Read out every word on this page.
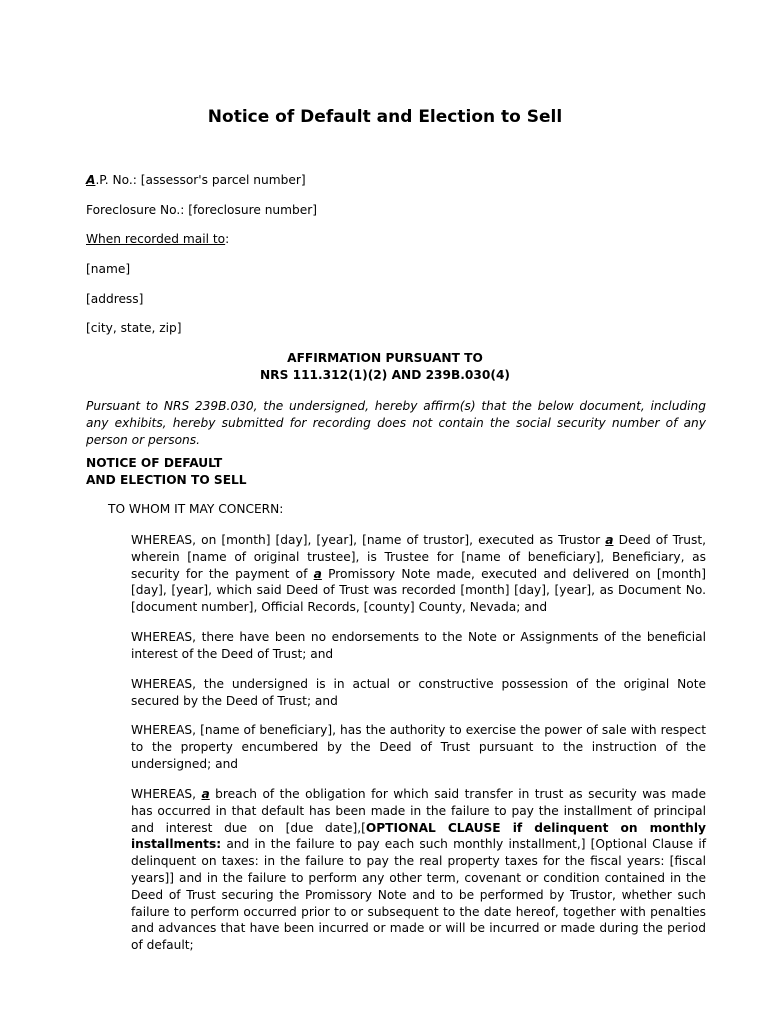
Notice of Default and Election to Sell
A.P. No.: [assessor's parcel number]
Foreclosure No.: [foreclosure number]
When recorded mail to:
[name]
[address]
[city, state, zip]
AFFIRMATION PURSUANT TO
NRS 111.312(1)(2) AND 239B.030(4)
Pursuant to NRS 239B.030, the undersigned, hereby affirm(s) that the below document, including any exhibits, hereby submitted for recording does not contain the social security number of any person or persons.
NOTICE OF DEFAULT
AND ELECTION TO SELL
TO WHOM IT MAY CONCERN:
WHEREAS, on [month] [day], [year], [name of trustor], executed as Trustor a Deed of Trust, wherein [name of original trustee], is Trustee for [name of beneficiary], Beneficiary, as security for the payment of a Promissory Note made, executed and delivered on [month] [day], [year], which said Deed of Trust was recorded [month] [day], [year], as Document No. [document number], Official Records, [county] County, Nevada; and
WHEREAS, there have been no endorsements to the Note or Assignments of the beneficial interest of the Deed of Trust; and
WHEREAS, the undersigned is in actual or constructive possession of the original Note secured by the Deed of Trust; and
WHEREAS, [name of beneficiary], has the authority to exercise the power of sale with respect to the property encumbered by the Deed of Trust pursuant to the instruction of the undersigned; and
WHEREAS, a breach of the obligation for which said transfer in trust as security was made has occurred in that default has been made in the failure to pay the installment of principal and interest due on [due date],[OPTIONAL CLAUSE if delinquent on monthly installments: and in the failure to pay each such monthly installment,] [Optional Clause if delinquent on taxes: in the failure to pay the real property taxes for the fiscal years: [fiscal years]] and in the failure to perform any other term, covenant or condition contained in the Deed of Trust securing the Promissory Note and to be performed by Trustor, whether such failure to perform occurred prior to or subsequent to the date hereof, together with penalties and advances that have been incurred or made or will be incurred or made during the period of default;
